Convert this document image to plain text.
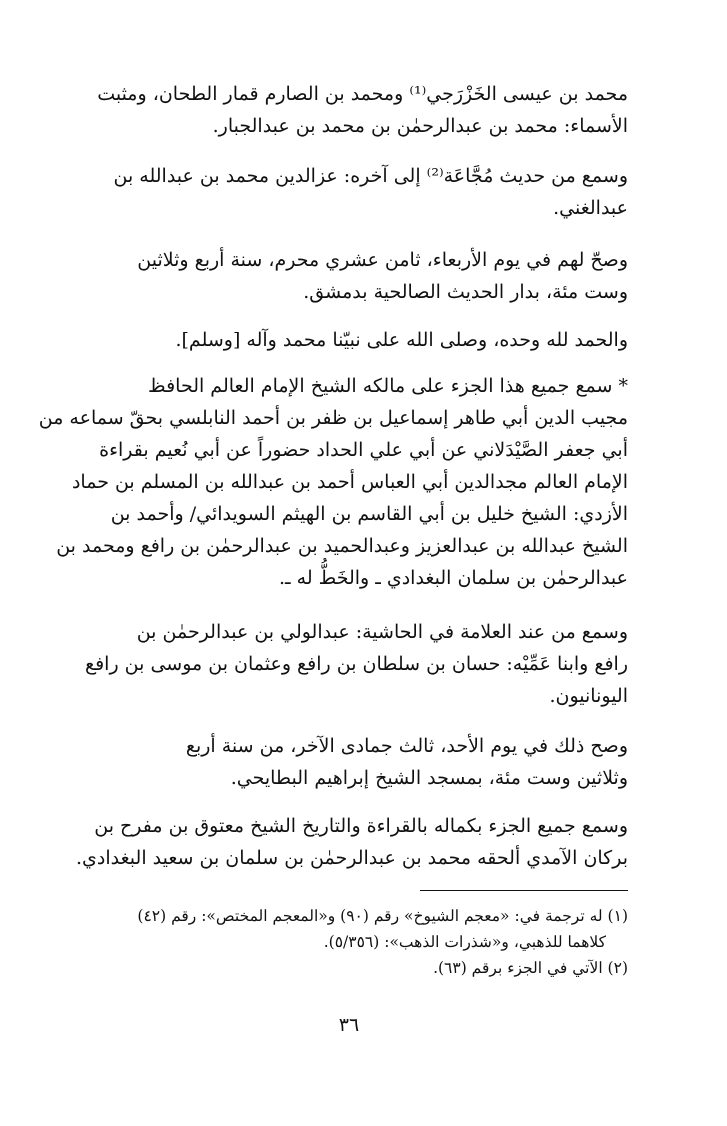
محمد بن عيسى الخَزْرَجي⁽¹⁾ ومحمد بن الصارم قمار الطحان، ومثبت
الأسماء: محمد بن عبدالرحمٰن بن محمد بن عبدالجبار.
وسمع من حديث مُجَّاعَة⁽²⁾ إلى آخره: عزالدين محمد بن عبدالله بن
عبدالغني.
وصحّ لهم في يوم الأربعاء، ثامن عشري محرم، سنة أربع وثلاثين
وست مئة، بدار الحديث الصالحية بدمشق.
والحمد لله وحده، وصلى الله على نبيّنا محمد وآله [وسلم].
* سمع جميع هذا الجزء على مالكه الشيخ الإمام العالم الحافظ
مجيب الدين أبي طاهر إسماعيل بن ظفر بن أحمد النابلسي بحقّ سماعه من
أبي جعفر الصَّيْدَلاني عن أبي علي الحداد حضوراً عن أبي نُعيم بقراءة
الإمام العالم مجدالدين أبي العباس أحمد بن عبدالله بن المسلم بن حماد
الأزدي: الشيخ خليل بن أبي القاسم بن الهيثم السويدائي/ وأحمد بن
الشيخ عبدالله بن عبدالعزيز وعبدالحميد بن عبدالرحمٰن بن رافع ومحمد بن
عبدالرحمٰن بن سلمان البغدادي ـ والخَطُّ له ـ.
وسمع من عند العلامة في الحاشية: عبدالولي بن عبدالرحمٰن بن
رافع وابنا عَمِّيْه: حسان بن سلطان بن رافع وعثمان بن موسى بن رافع
اليونانيون.
وصح ذلك في يوم الأحد، ثالث جمادى الآخر، من سنة أربع
وثلاثين وست مئة، بمسجد الشيخ إبراهيم البطايحي.
وسمع جميع الجزء بكماله بالقراءة والتاريخ الشيخ معتوق بن مفرح بن
بركان الآمدي ألحقه محمد بن عبدالرحمٰن بن سلمان بن سعيد البغدادي.
(١) له ترجمة في: «معجم الشيوخ» رقم (٩٠) و«المعجم المختص»: رقم (٤٢)
كلاهما للذهبي، و«شذرات الذهب»: (٥/٣٥٦).
(٢) الآتي في الجزء برقم (٦٣).
٣٦
